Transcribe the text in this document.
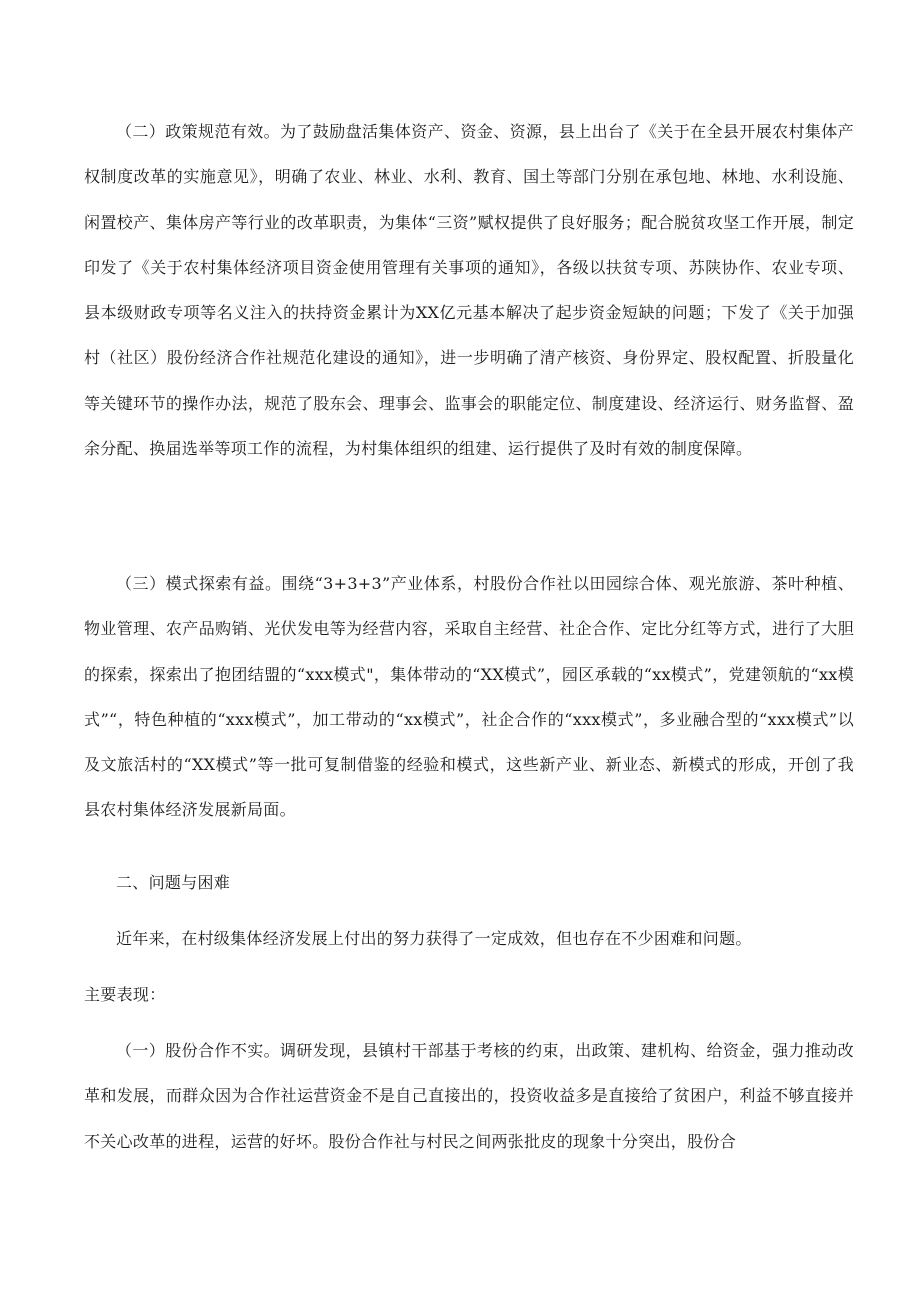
（二）政策规范有效。为了鼓励盘活集体资产、资金、资源，县上出台了《关于在全县开展农村集体产权制度改革的实施意见》，明确了农业、林业、水利、教育、国土等部门分别在承包地、林地、水利设施、闲置校产、集体房产等行业的改革职责，为集体“三资”赋权提供了良好服务；配合脱贫攻坚工作开展，制定印发了《关于农村集体经济项目资金使用管理有关事项的通知》，各级以扶贫专项、苏陕协作、农业专项、县本级财政专项等名义注入的扶持资金累计为XX亿元基本解决了起步资金短缺的问题；下发了《关于加强村（社区）股份经济合作社规范化建设的通知》，进一步明确了清产核资、身份界定、股权配置、折股量化等关键环节的操作办法，规范了股东会、理事会、监事会的职能定位、制度建设、经济运行、财务监督、盈余分配、换届选举等项工作的流程，为村集体组织的组建、运行提供了及时有效的制度保障。

（三）模式探索有益。围绕“3+3+3”产业体系，村股份合作社以田园综合体、观光旅游、茶叶种植、物业管理、农产品购销、光伏发电等为经营内容，采取自主经营、社企合作、定比分红等方式，进行了大胆的探索，探索出了抱团结盟的“xxx模式"，集体带动的“XX模式”，园区承载的“xx模式”，党建领航的“xx模式”“，特色种植的“xxx模式”，加工带动的“xx模式”，社企合作的“xxx模式”，多业融合型的“xxx模式”以及文旅活村的“XX模式”等一批可复制借鉴的经验和模式，这些新产业、新业态、新模式的形成，开创了我县农村集体经济发展新局面。

二、问题与困难

近年来，在村级集体经济发展上付出的努力获得了一定成效，但也存在不少困难和问题。

主要表现：

（一）股份合作不实。调研发现，县镇村干部基于考核的约束，出政策、建机构、给资金，强力推动改革和发展，而群众因为合作社运营资金不是自己直接出的，投资收益多是直接给了贫困户，利益不够直接并不关心改革的进程，运营的好坏。股份合作社与村民之间两张批皮的现象十分突出，股份合
